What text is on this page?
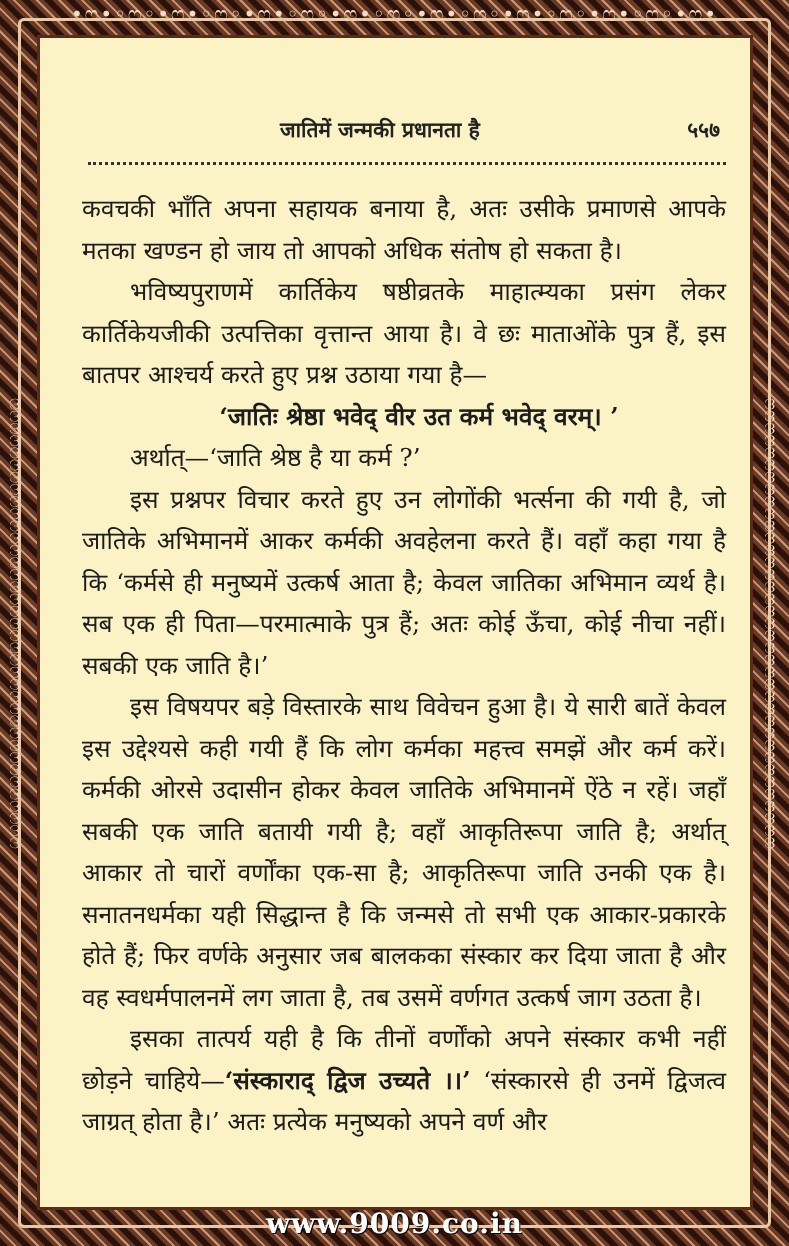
•ෆ•◦ෆ◦•ෆ•◦ෆ◦•ෆ•◦ෆ◦•ෆ•◦ෆ◦•ෆ•◦ෆ◦•ෆ•◦ෆ◦•ෆ•◦ෆ◦•ෆ•
ෆෆෆෆෆෆෆෆෆෆෆෆෆෆෆෆෆෆෆෆෆෆෆෆෆෆෆෆෆෆෆෆෆෆෆෆෆ	ෆෆෆෆෆෆෆෆෆෆෆෆෆෆෆෆෆෆෆෆෆෆෆෆෆෆෆෆෆෆෆෆෆෆෆෆෆ
जातिमें जन्मकी प्रधानता है	५५७

कवचकी भाँति अपना सहायक बनाया है, अतः उसीके प्रमाणसे आपके मतका खण्डन हो जाय तो आपको अधिक संतोष हो सकता है।

भविष्यपुराणमें कार्तिकेय षष्ठीव्रतके माहात्म्यका प्रसंग लेकर कार्तिकेयजीकी उत्पत्तिका वृत्तान्त आया है। वे छः माताओंके पुत्र हैं, इस बातपर आश्चर्य करते हुए प्रश्न उठाया गया है—

‘जातिः श्रेष्ठा भवेद् वीर उत कर्म भवेद् वरम्। ’

अर्थात्—‘जाति श्रेष्ठ है या कर्म ?’

इस प्रश्नपर विचार करते हुए उन लोगोंकी भर्त्सना की गयी है, जो जातिके अभिमानमें आकर कर्मकी अवहेलना करते हैं। वहाँ कहा गया है कि ‘कर्मसे ही मनुष्यमें उत्कर्ष आता है; केवल जातिका अभिमान व्यर्थ है। सब एक ही पिता—परमात्माके पुत्र हैं; अतः कोई ऊँचा, कोई नीचा नहीं। सबकी एक जाति है।’

इस विषयपर बड़े विस्तारके साथ विवेचन हुआ है। ये सारी बातें केवल इस उद्देश्यसे कही गयी हैं कि लोग कर्मका महत्त्व समझें और कर्म करें। कर्मकी ओरसे उदासीन होकर केवल जातिके अभिमानमें ऐंठे न रहें। जहाँ सबकी एक जाति बतायी गयी है; वहाँ आकृतिरूपा जाति है; अर्थात् आकार तो चारों वर्णोंका एक-सा है; आकृतिरूपा जाति उनकी एक है। सनातनधर्मका यही सिद्धान्त है कि जन्मसे तो सभी एक आकार-प्रकारके होते हैं; फिर वर्णके अनुसार जब बालकका संस्कार कर दिया जाता है और वह स्वधर्मपालनमें लग जाता है, तब उसमें वर्णगत उत्कर्ष जाग उठता है।

इसका तात्पर्य यही है कि तीनों वर्णोंको अपने संस्कार कभी नहीं छोड़ने चाहिये—‘संस्काराद् द्विज उच्यते ।।’ ‘संस्कारसे ही उनमें द्विजत्व जाग्रत् होता है।’ अतः प्रत्येक मनुष्यको अपने वर्ण और

www.9009.co.in
